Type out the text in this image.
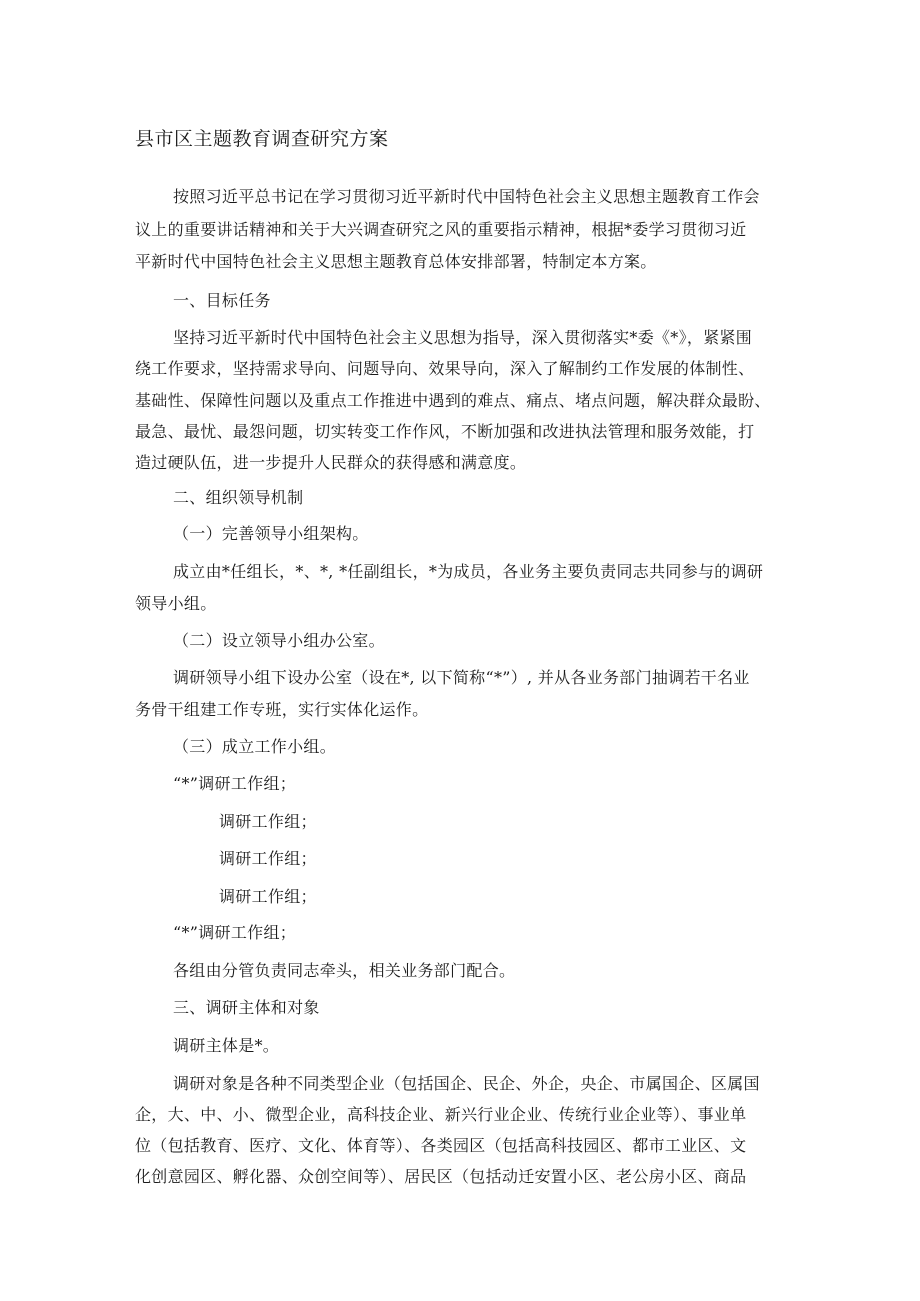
县市区主题教育调查研究方案
按照习近平总书记在学习贯彻习近平新时代中国特色社会主义思想主题教育工作会
议上的重要讲话精神和关于大兴调查研究之风的重要指示精神，根据*委学习贯彻习近
平新时代中国特色社会主义思想主题教育总体安排部署，特制定本方案。
一、目标任务
坚持习近平新时代中国特色社会主义思想为指导，深入贯彻落实*委《*》，紧紧围
绕工作要求，坚持需求导向、问题导向、效果导向，深入了解制约工作发展的体制性、
基础性、保障性问题以及重点工作推进中遇到的难点、痛点、堵点问题，解决群众最盼、
最急、最忧、最怨问题，切实转变工作作风，不断加强和改进执法管理和服务效能，打
造过硬队伍，进一步提升人民群众的获得感和满意度。
二、组织领导机制
（一）完善领导小组架构。
成立由*任组长，*、*, *任副组长，*为成员，各业务主要负责同志共同参与的调研
领导小组。
（二）设立领导小组办公室。
调研领导小组下设办公室（设在*, 以下简称“*”）, 并从各业务部门抽调若干名业
务骨干组建工作专班，实行实体化运作。
（三）成立工作小组。
“*”调研工作组；
调研工作组；
调研工作组；
调研工作组；
“*”调研工作组；
各组由分管负责同志牵头，相关业务部门配合。
三、调研主体和对象
调研主体是*。
调研对象是各种不同类型企业（包括国企、民企、外企，央企、市属国企、区属国
企，大、中、小、微型企业，高科技企业、新兴行业企业、传统行业企业等）、事业单
位（包括教育、医疗、文化、体育等）、各类园区（包括高科技园区、都市工业区、文
化创意园区、孵化器、众创空间等）、居民区（包括动迁安置小区、老公房小区、商品
